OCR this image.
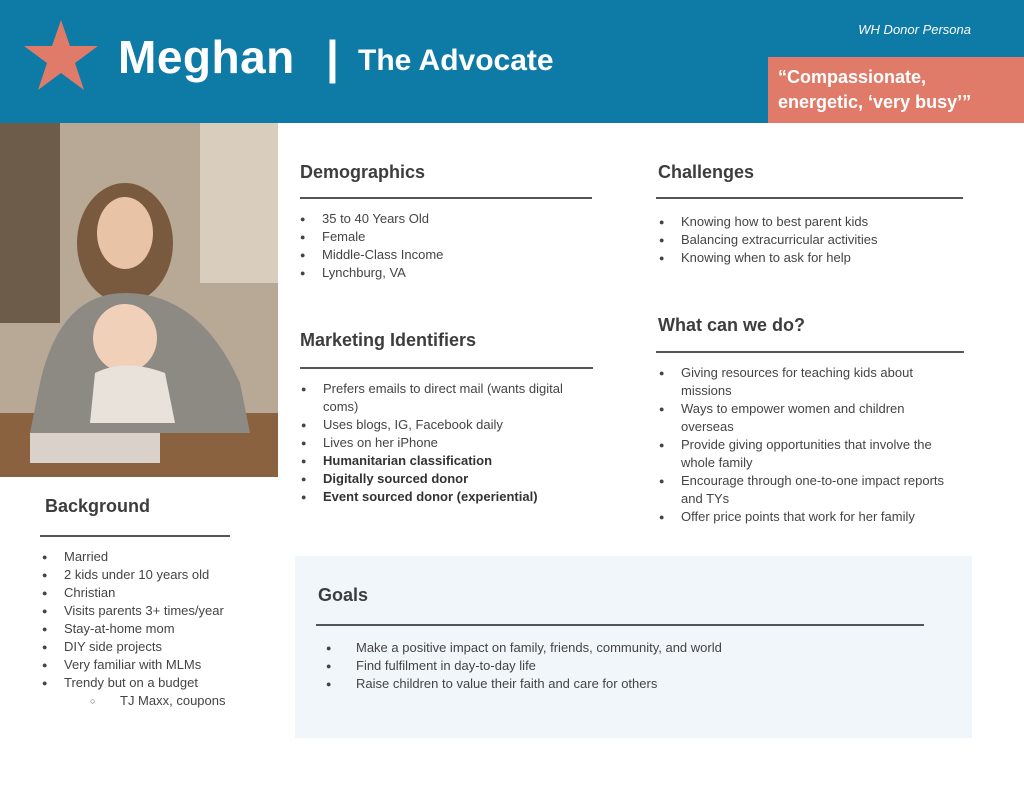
Meghan | The Advocate
WH Donor Persona
“Compassionate, energetic, ‘very busy’”
Demographics
● 35 to 40 Years Old
● Female
● Middle-Class Income
● Lynchburg, VA
Challenges
● Knowing how to best parent kids
● Balancing extracurricular activities
● Knowing when to ask for help
What can we do?
● Giving resources for teaching kids about missions
● Ways to empower women and children overseas
● Provide giving opportunities that involve the whole family
● Encourage through one-to-one impact reports and TYs
● Offer price points that work for her family
Marketing Identifiers
● Prefers emails to direct mail (wants digital coms)
● Uses blogs, IG, Facebook daily
● Lives on her iPhone
● Humanitarian classification
● Digitally sourced donor
● Event sourced donor (experiential)
Background
● Married
● 2 kids under 10 years old
● Christian
● Visits parents 3+ times/year
● Stay-at-home mom
● DIY side projects
● Very familiar with MLMs
● Trendy but on a budget
○ TJ Maxx, coupons
Goals
● Make a positive impact on family, friends, community, and world
● Find fulfilment in day-to-day life
● Raise children to value their faith and care for others
